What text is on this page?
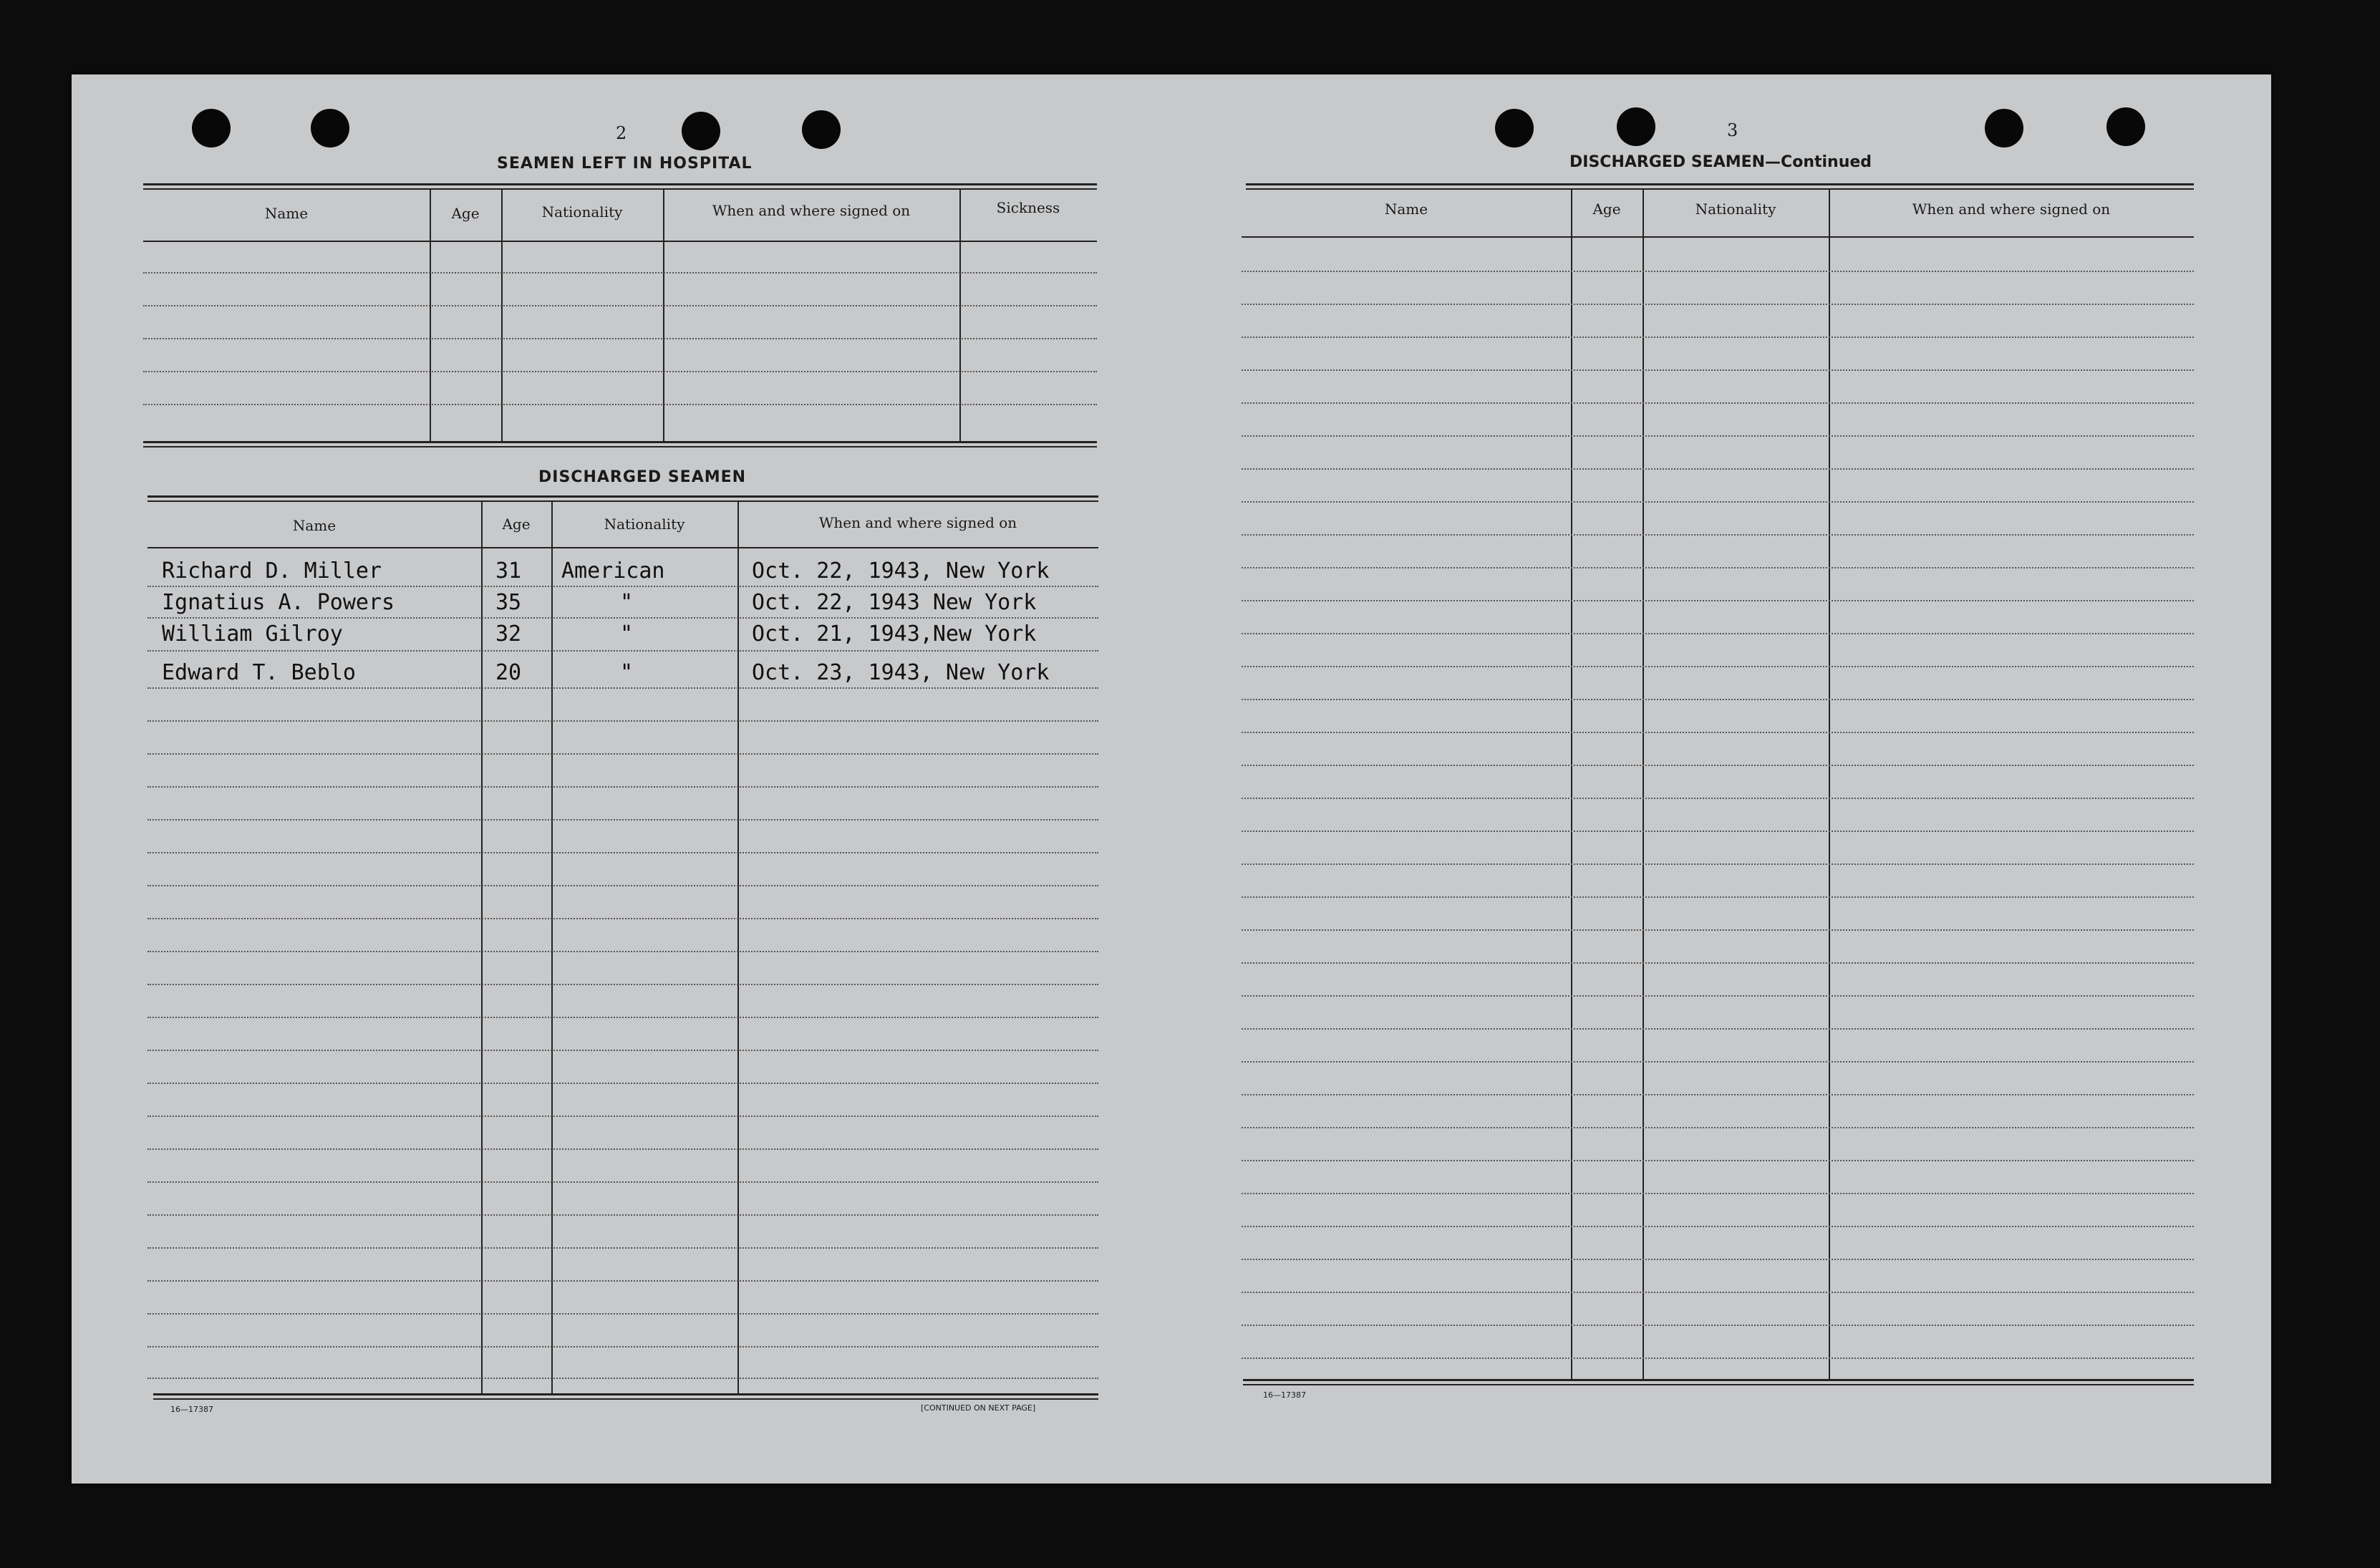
2
SEAMEN LEFT IN HOSPITAL
Name	Age	Nationality	When and where signed on	Sickness
DISCHARGED SEAMEN
Name	Age	Nationality	When and where signed on
Richard D. Miller	31 American	Oct. 22, 1943, New York
Ignatius A. Powers	35	"	Oct. 22, 1943 New York
William Gilroy	32	"	Oct. 21, 1943,New York
Edward T. Beblo	20	"	Oct. 23, 1943, New York
16—17387	[CONTINUED ON NEXT PAGE]
3
DISCHARGED SEAMEN—Continued
Name	Age	Nationality	When and where signed on
16—17387
